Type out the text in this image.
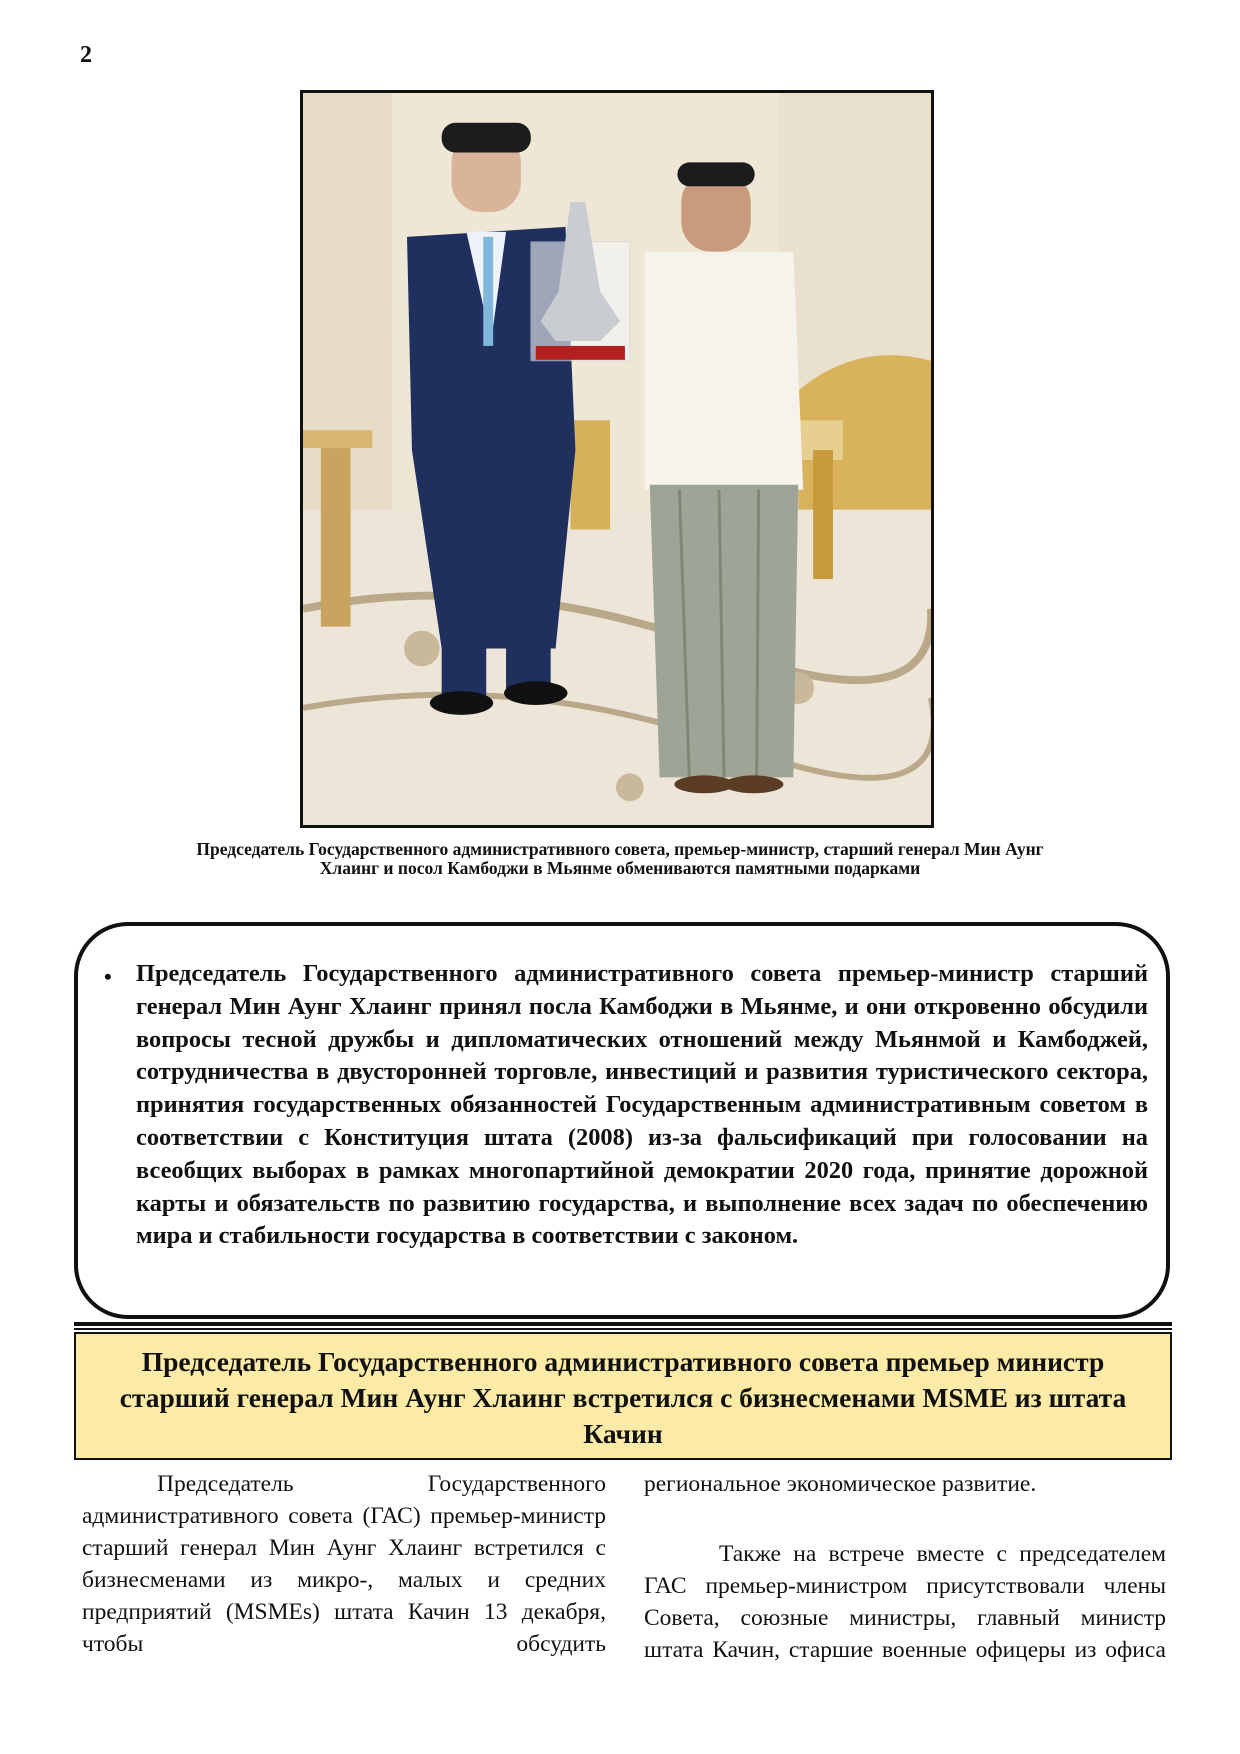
2
Председатель Государственного административного совета, премьер-министр, старший генерал Мин Аунг Хлаинг и посол Камбоджи в Мьянме обмениваются памятными подарками
• Председатель Государственного административного совета премьер-министр старший генерал Мин Аунг Хлаинг принял посла Камбоджи в Мьянме, и они откровенно обсудили вопросы тесной дружбы и дипломатических отношений между Мьянмой и Камбоджей, сотрудничества в двусторонней торговле, инвестиций и развития туристического сектора, принятия государственных обязанностей Государственным административным советом в соответствии с Конституция штата (2008) из-за фальсификаций при голосовании на всеобщих выборах в рамках многопартийной демократии 2020 года, принятие дорожной карты и обязательств по развитию государства, и выполнение всех задач по обеспечению мира и стабильности государства в соответствии с законом.

Председатель Государственного административного совета премьер министр старший генерал Мин Аунг Хлаинг встретился с бизнесменами MSME из штата Качин

Председатель Государственного административного совета (ГАС) премьер-министр старший генерал Мин Аунг Хлаинг встретился с бизнесменами из микро-, малых и средних предприятий (MSMEs) штата Качин 13 декабря, чтобы обсудить

региональное экономическое развитие.

Также на встрече вместе с председателем ГАС премьер-министром присутствовали члены Совета, союзные министры, главный министр штата Качин, старшие военные офицеры из офиса
